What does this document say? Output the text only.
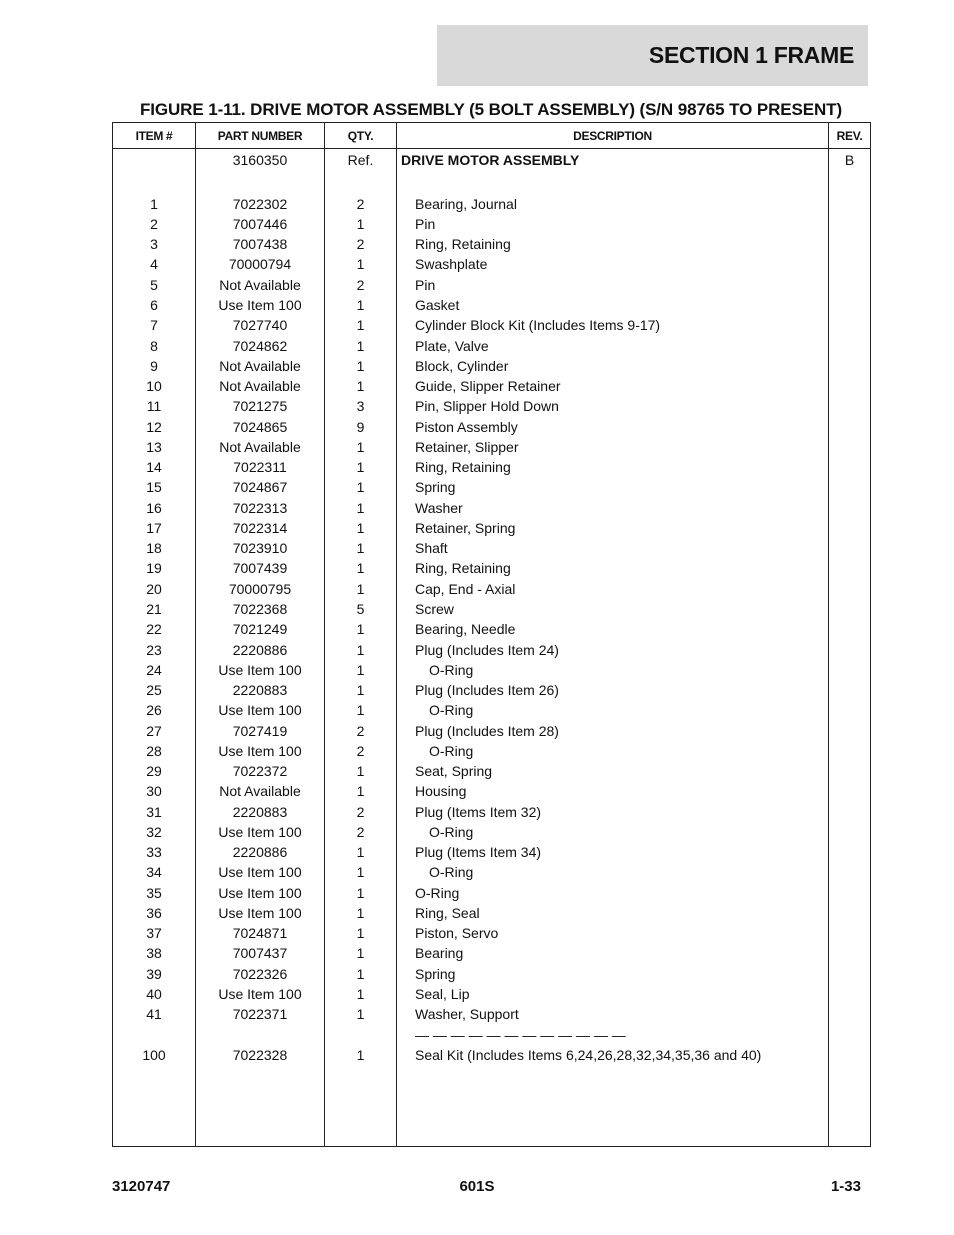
SECTION 1 FRAME
FIGURE 1-11. DRIVE MOTOR ASSEMBLY (5 BOLT ASSEMBLY) (S/N 98765 TO PRESENT)
ITEM #	PART NUMBER	QTY.	DESCRIPTION	REV.
	3160350	Ref.	DRIVE MOTOR ASSEMBLY	B

1	7022302	2	Bearing, Journal	
2	7007446	1	Pin	
3	7007438	2	Ring, Retaining	
4	70000794	1	Swashplate	
5	Not Available	2	Pin	
6	Use Item 100	1	Gasket	
7	7027740	1	Cylinder Block Kit (Includes Items 9-17)	
8	7024862	1	Plate, Valve	
9	Not Available	1	Block, Cylinder	
10	Not Available	1	Guide, Slipper Retainer	
11	7021275	3	Pin, Slipper Hold Down	
12	7024865	9	Piston Assembly	
13	Not Available	1	Retainer, Slipper	
14	7022311	1	Ring, Retaining	
15	7024867	1	Spring	
16	7022313	1	Washer	
17	7022314	1	Retainer, Spring	
18	7023910	1	Shaft	
19	7007439	1	Ring, Retaining	
20	70000795	1	Cap, End - Axial	
21	7022368	5	Screw	
22	7021249	1	Bearing, Needle	
23	2220886	1	Plug (Includes Item 24)	
24	Use Item 100	1	O-Ring	
25	2220883	1	Plug (Includes Item 26)	
26	Use Item 100	1	O-Ring	
27	7027419	2	Plug (Includes Item 28)	
28	Use Item 100	2	O-Ring	
29	7022372	1	Seat, Spring	
30	Not Available	1	Housing	
31	2220883	2	Plug (Items Item 32)	
32	Use Item 100	2	O-Ring	
33	2220886	1	Plug (Items Item 34)	
34	Use Item 100	1	O-Ring	
35	Use Item 100	1	O-Ring	
36	Use Item 100	1	Ring, Seal	
37	7024871	1	Piston, Servo	
38	7007437	1	Bearing	
39	7022326	1	Spring	
40	Use Item 100	1	Seal, Lip	
41	7022371	1	Washer, Support	
			— — — — — — — — — — — —	
100	7022328	1	Seal Kit (Includes Items 6,24,26,28,32,34,35,36 and 40)	

3120747	601S	1-33
